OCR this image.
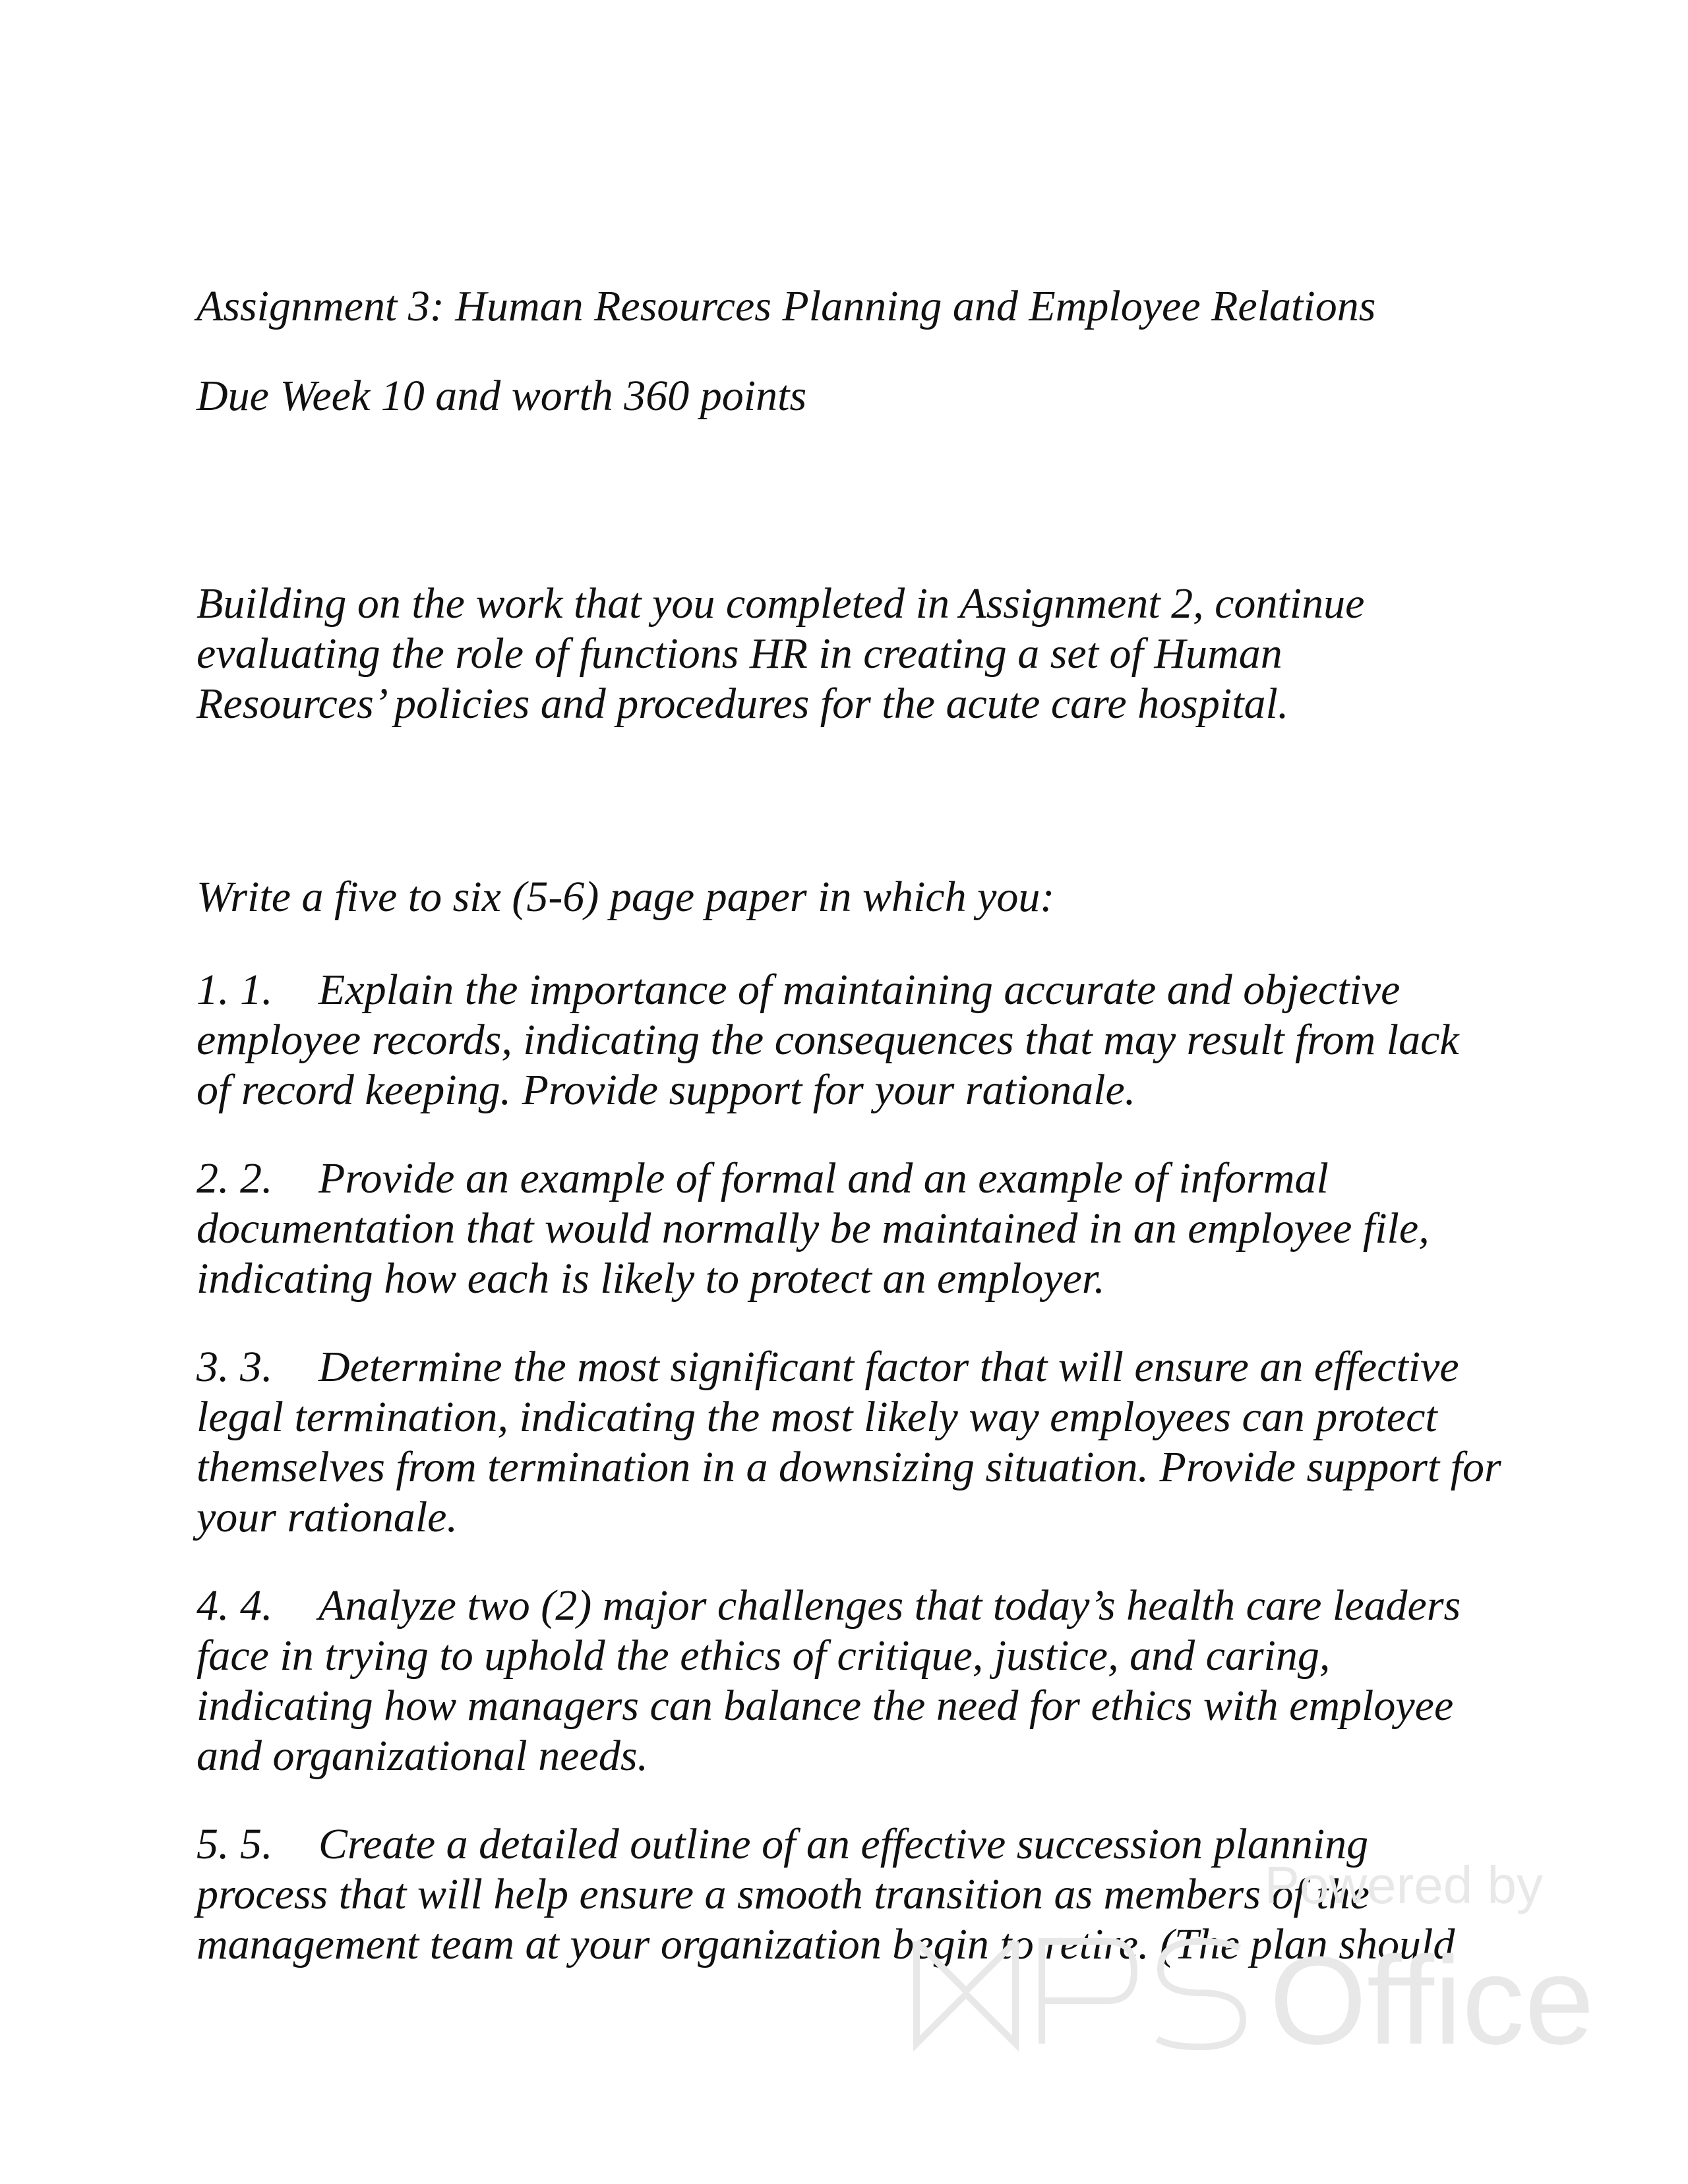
Assignment 3: Human Resources Planning and Employee Relations

Due Week 10 and worth 360 points

Building on the work that you completed in Assignment 2, continue evaluating the role of functions HR in creating a set of Human Resources’ policies and procedures for the acute care hospital.

Write a five to six (5-6) page paper in which you:

1. 1. Explain the importance of maintaining accurate and objective employee records, indicating the consequences that may result from lack of record keeping. Provide support for your rationale.

2. 2. Provide an example of formal and an example of informal documentation that would normally be maintained in an employee file, indicating how each is likely to protect an employer.

3. 3. Determine the most significant factor that will ensure an effective legal termination, indicating the most likely way employees can protect themselves from termination in a downsizing situation. Provide support for your rationale.

4. 4. Analyze two (2) major challenges that today’s health care leaders face in trying to uphold the ethics of critique, justice, and caring, indicating how managers can balance the need for ethics with employee and organizational needs.

5. 5. Create a detailed outline of an effective succession planning process that will help ensure a smooth transition as members of the management team at your organization begin to retire. (The plan should

Powered by
Office
